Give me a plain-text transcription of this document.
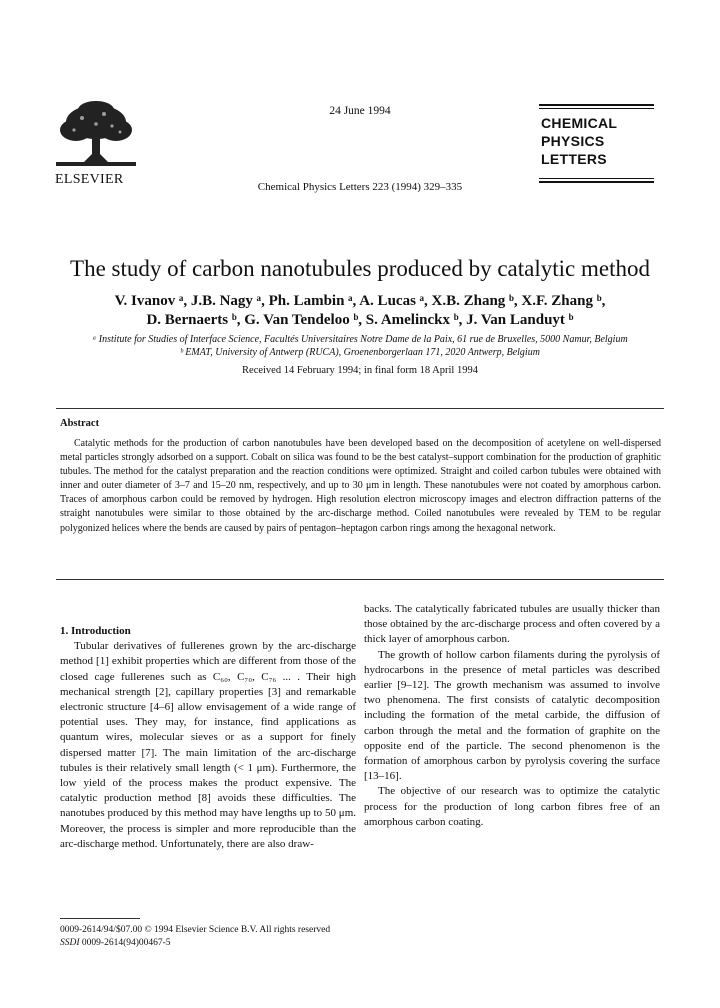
ELSEVIER
24 June 1994
Chemical Physics Letters 223 (1994) 329–335
CHEMICAL
PHYSICS
LETTERS
The study of carbon nanotubules produced by catalytic method
V. Ivanov ᵃ, J.B. Nagy ᵃ, Ph. Lambin ᵃ, A. Lucas ᵃ, X.B. Zhang ᵇ, X.F. Zhang ᵇ,
D. Bernaerts ᵇ, G. Van Tendeloo ᵇ, S. Amelinckx ᵇ, J. Van Landuyt ᵇ
ᵃ Institute for Studies of Interface Science, Facultés Universitaires Notre Dame de la Paix, 61 rue de Bruxelles, 5000 Namur, Belgium
ᵇ EMAT, University of Antwerp (RUCA), Groenenborgerlaan 171, 2020 Antwerp, Belgium
Received 14 February 1994; in final form 18 April 1994
Abstract
Catalytic methods for the production of carbon nanotubules have been developed based on the decomposition of acetylene on well-dispersed metal particles strongly adsorbed on a support. Cobalt on silica was found to be the best catalyst–support combination for the production of graphitic tubules. The method for the catalyst preparation and the reaction conditions were optimized. Straight and coiled carbon tubules were obtained with inner and outer diameter of 3–7 and 15–20 nm, respectively, and up to 30 μm in length. These nanotubules were not coated by amorphous carbon. Traces of amorphous carbon could be removed by hydrogen. High resolution electron microscopy images and electron diffraction patterns of the straight nanotubules were similar to those obtained by the arc-discharge method. Coiled nanotubules were revealed by TEM to be regular polygonized helices where the bends are caused by pairs of pentagon–heptagon carbon rings among the hexagonal network.

1. Introduction

Tubular derivatives of fullerenes grown by the arc-discharge method [1] exhibit properties which are different from those of the closed cage fullerenes such as C₆₀, C₇₀, C₇₆ ... . Their high mechanical strength [2], capillary properties [3] and remarkable electronic structure [4–6] allow envisagement of a wide range of potential uses. They may, for instance, find applications as quantum wires, molecular sieves or as a support for finely dispersed matter [7]. The main limitation of the arc-discharge tubules is their relatively small length (< 1 μm). Furthermore, the low yield of the process makes the product expensive. The catalytic production method [8] avoids these difficulties. The nanotubes produced by this method may have lengths up to 50 μm. Moreover, the process is simpler and more reproducible than the arc-discharge method. Unfortunately, there are also draw-

backs. The catalytically fabricated tubules are usually thicker than those obtained by the arc-discharge process and often covered by a thick layer of amorphous carbon.

The growth of hollow carbon filaments during the pyrolysis of hydrocarbons in the presence of metal particles was described earlier [9–12]. The growth mechanism was assumed to involve two phenomena. The first consists of catalytic decomposition including the formation of the metal carbide, the diffusion of carbon through the metal and the formation of graphite on the opposite end of the particle. The second phenomenon is the formation of amorphous carbon by pyrolysis covering the surface [13–16].

The objective of our research was to optimize the catalytic process for the production of long carbon fibres free of an amorphous carbon coating.

0009-2614/94/$07.00 © 1994 Elsevier Science B.V. All rights reserved
SSDI 0009-2614(94)00467-5
